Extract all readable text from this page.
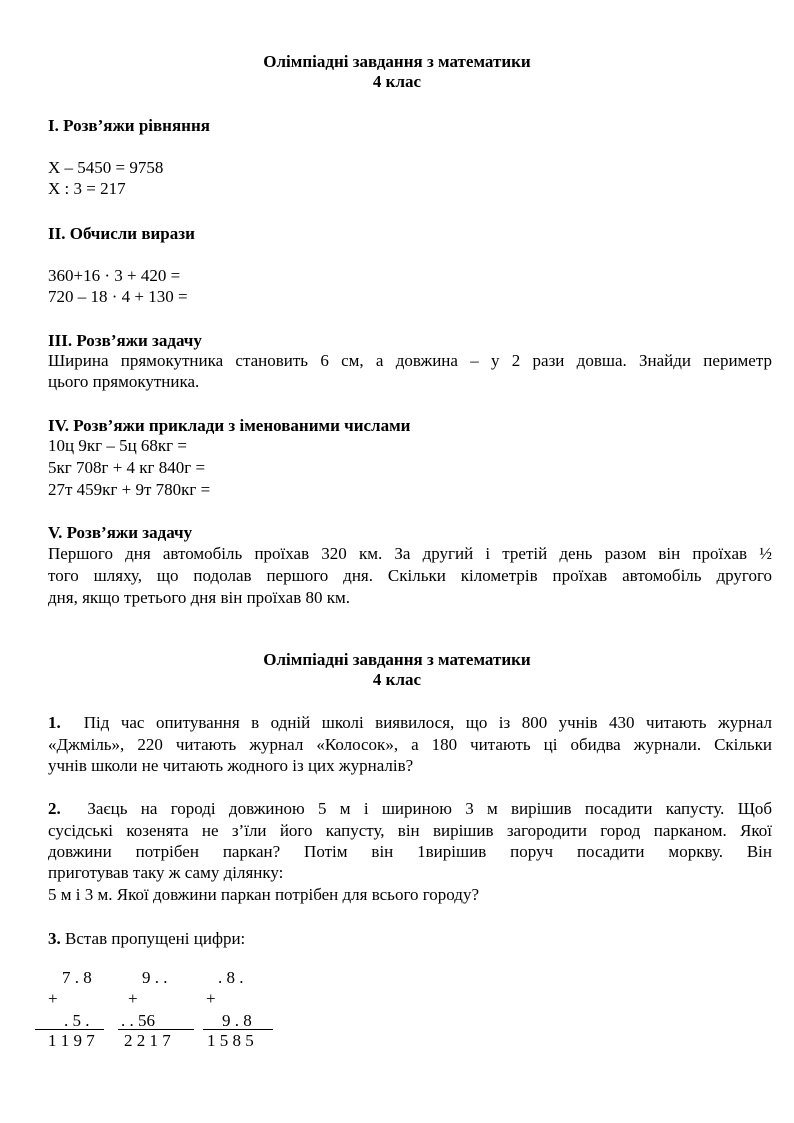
Олімпіадні завдання з математики
4 клас
I. Розв’яжи рівняння
Х – 5450 = 9758
Х : 3 = 217
II. Обчисли вирази
360+16 · 3 + 420 =
720 – 18 · 4 + 130 =
III. Розв’яжи задачу
Ширина прямокутника становить 6 см, а довжина – у 2 рази довша. Знайди периметр
цього прямокутника.
IV. Розв’яжи приклади з іменованими числами
10ц 9кг – 5ц 68кг =
5кг 708г + 4 кг 840г =
27т 459кг + 9т 780кг =
V. Розв’яжи задачу
Першого дня автомобіль проїхав 320 км. За другий і третій день разом він проїхав ½
того шляху, що подолав першого дня. Скільки кілометрів проїхав автомобіль другого
дня, якщо третього дня він проїхав 80 км.
Олімпіадні завдання з математики
4 клас
1. Під час опитування в одній школі виявилося, що із 800 учнів 430 читають журнал
«Джміль», 220 читають журнал «Колосок», а 180 читають ці обидва журнали. Скільки
учнів школи не читають жодного із цих журналів?
2. Заєць на городі довжиною 5 м і шириною 3 м вирішив посадити капусту. Щоб
сусідські козенята не з’їли його капусту, він вирішив загородити город парканом. Якої
довжини потрібен паркан? Потім він 1вирішив поруч посадити моркву. Він
приготував таку ж саму ділянку:
5 м і 3 м. Якої довжини паркан потрібен для всього городу?
3. Встав пропущені цифри:
7 . 8
+
. 5 .
1 1 9 7
9 . .
+
. . 56
2 2 1 7
. 8 .
+
9 . 8
1 5 8 5
